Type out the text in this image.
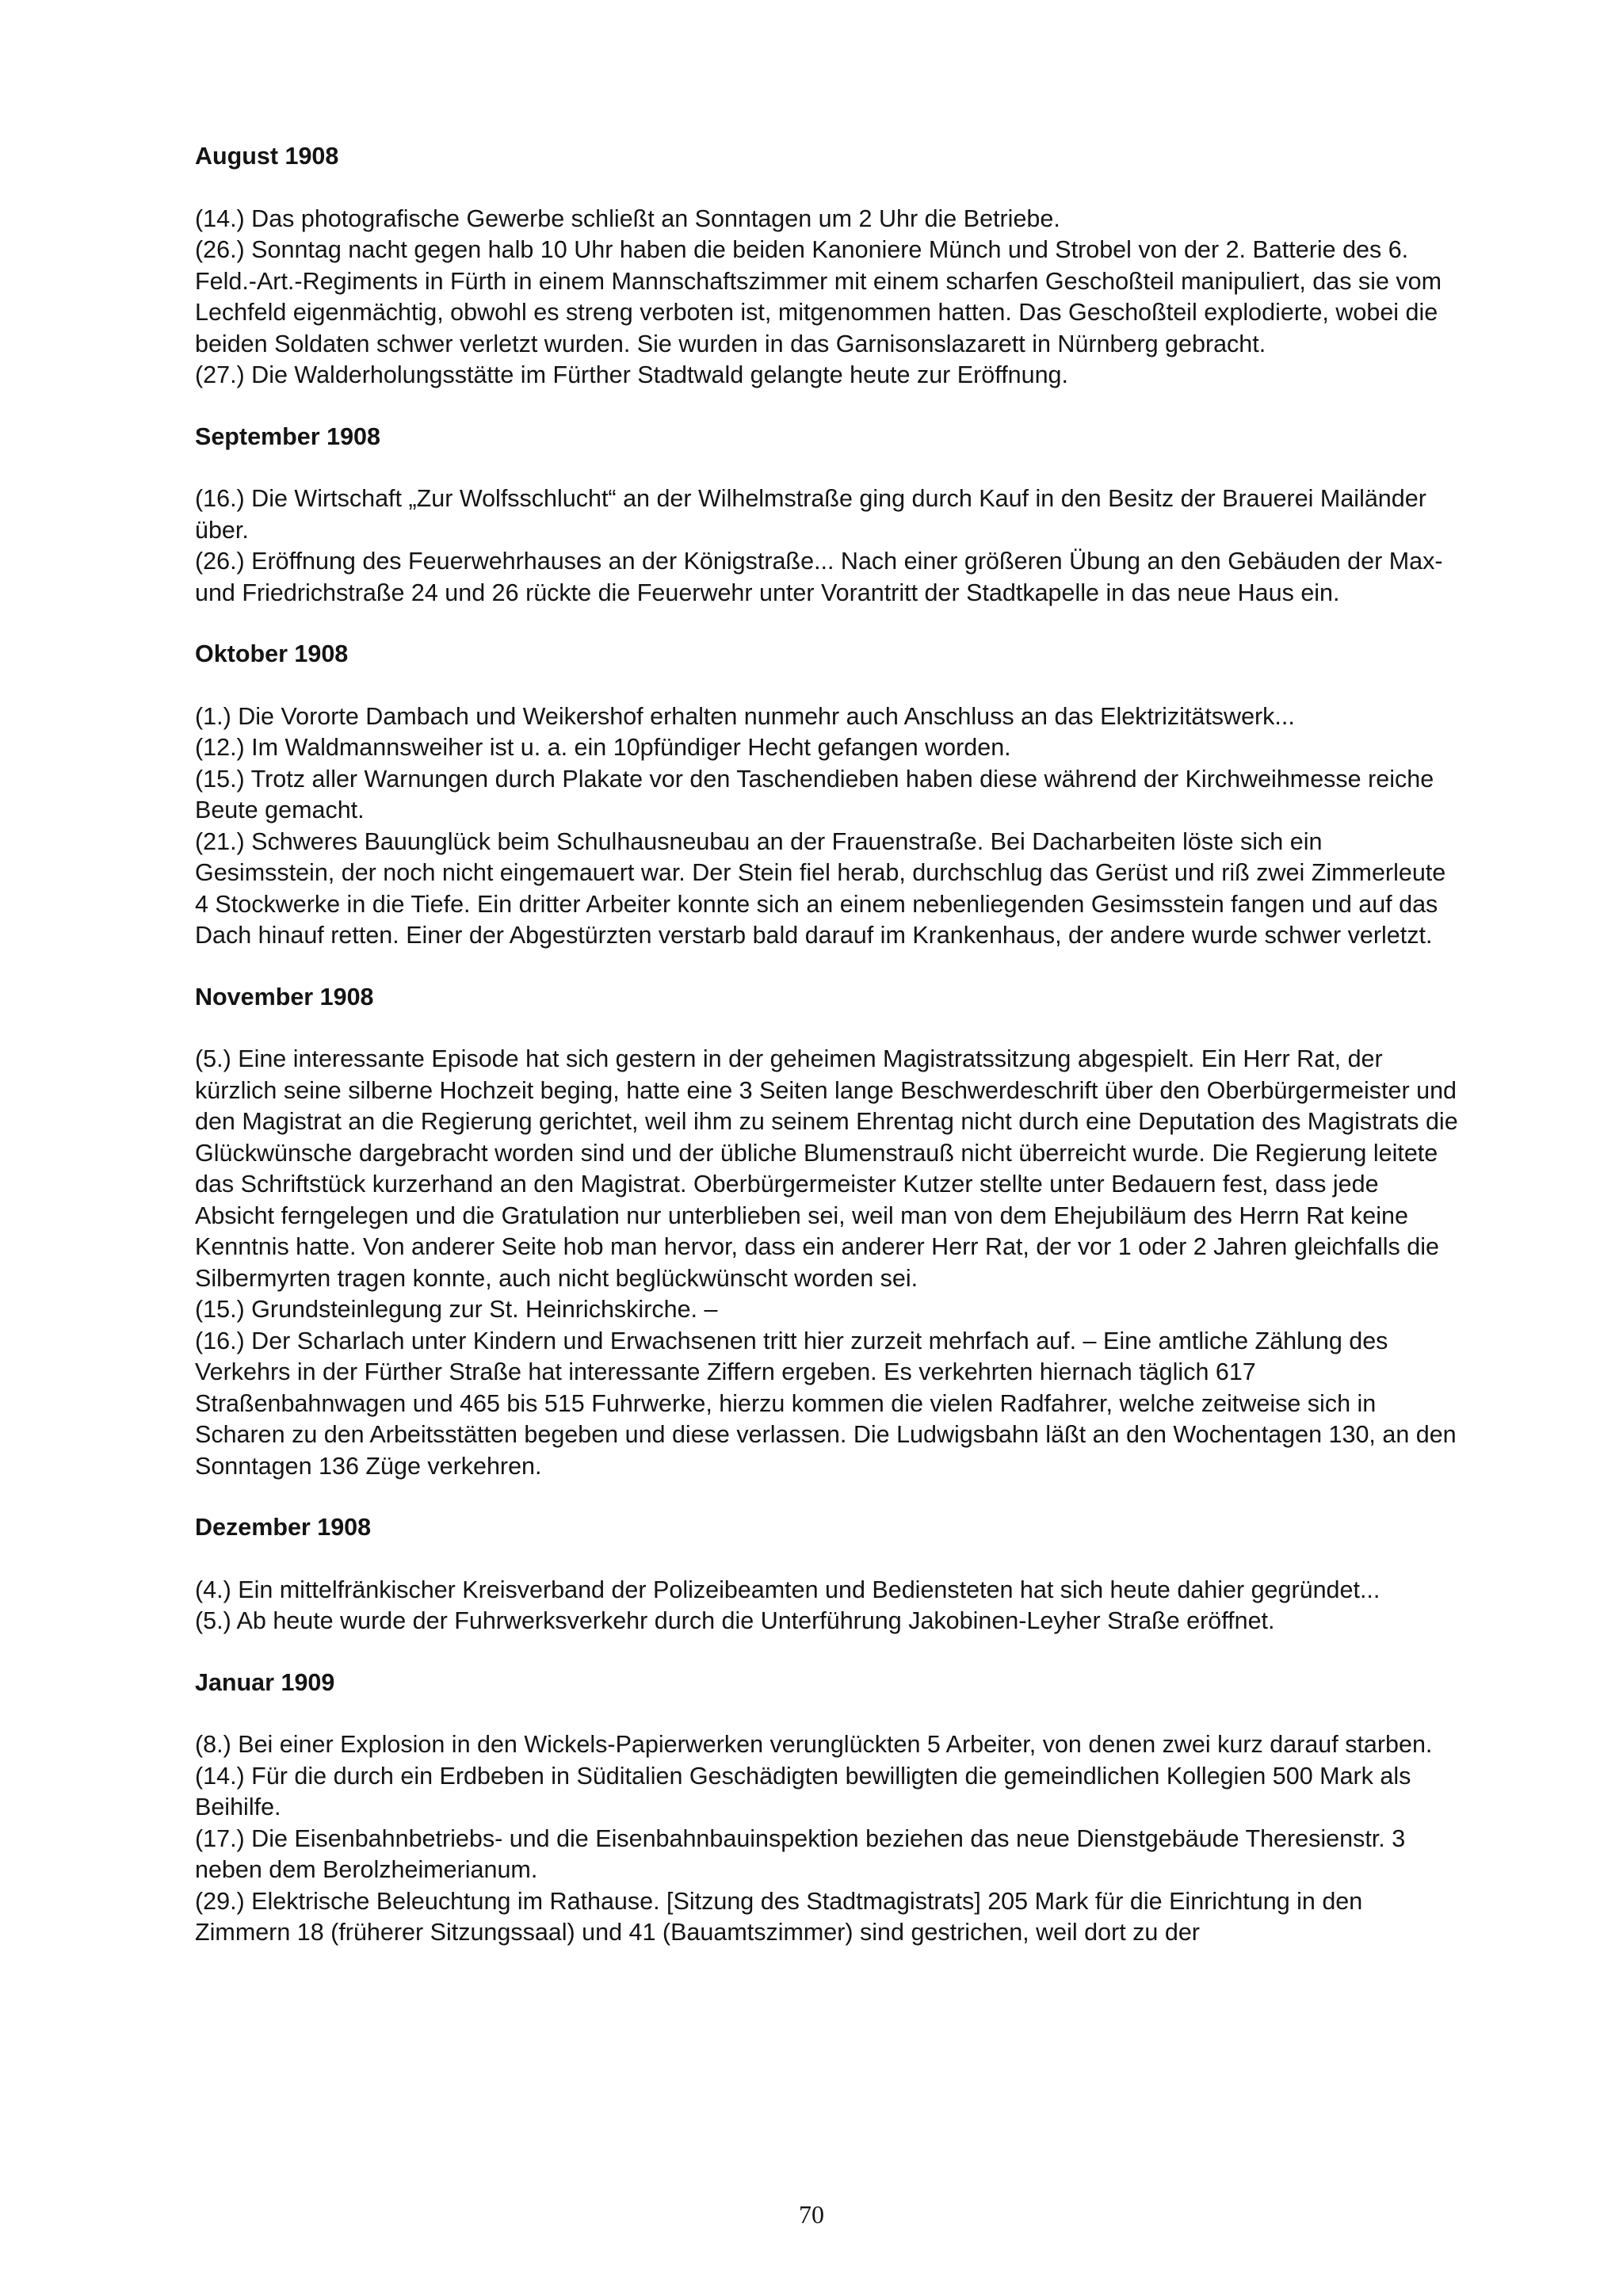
August 1908

(14.) Das photografische Gewerbe schließt an Sonntagen um 2 Uhr die Betriebe.

(26.) Sonntag nacht gegen halb 10 Uhr haben die beiden Kanoniere Münch und Strobel von der 2. Batterie des 6. Feld.-Art.-Regiments in Fürth in einem Mannschaftszimmer mit einem scharfen Geschoßteil manipuliert, das sie vom Lechfeld eigenmächtig, obwohl es streng verboten ist, mitgenommen hatten. Das Geschoßteil explodierte, wobei die beiden Soldaten schwer verletzt wurden. Sie wurden in das Garnisonslazarett in Nürnberg gebracht.

(27.) Die Walderholungsstätte im Fürther Stadtwald gelangte heute zur Eröffnung.

September 1908

(16.) Die Wirtschaft „Zur Wolfsschlucht“ an der Wilhelmstraße ging durch Kauf in den Besitz der Brauerei Mailänder über.

(26.) Eröffnung des Feuerwehrhauses an der Königstraße... Nach einer größeren Übung an den Gebäuden der Max- und Friedrichstraße 24 und 26 rückte die Feuerwehr unter Vorantritt der Stadtkapelle in das neue Haus ein.

Oktober 1908

(1.) Die Vororte Dambach und Weikershof erhalten nunmehr auch Anschluss an das Elektrizitätswerk...

(12.) Im Waldmannsweiher ist u. a. ein 10pfündiger Hecht gefangen worden.

(15.) Trotz aller Warnungen durch Plakate vor den Taschendieben haben diese während der Kirchweihmesse reiche Beute gemacht.

(21.) Schweres Bauunglück beim Schulhausneubau an der Frauenstraße. Bei Dacharbeiten löste sich ein Gesimsstein, der noch nicht eingemauert war. Der Stein fiel herab, durchschlug das Gerüst und riß zwei Zimmerleute 4 Stockwerke in die Tiefe. Ein dritter Arbeiter konnte sich an einem nebenliegenden Gesimsstein fangen und auf das Dach hinauf retten. Einer der Abgestürzten verstarb bald darauf im Krankenhaus, der andere wurde schwer verletzt.

November 1908

(5.) Eine interessante Episode hat sich gestern in der geheimen Magistratssitzung abgespielt. Ein Herr Rat, der kürzlich seine silberne Hochzeit beging, hatte eine 3 Seiten lange Beschwerdeschrift über den Oberbürgermeister und den Magistrat an die Regierung gerichtet, weil ihm zu seinem Ehrentag nicht durch eine Deputation des Magistrats die Glückwünsche dargebracht worden sind und der übliche Blumenstrauß nicht überreicht wurde. Die Regierung leitete das Schriftstück kurzerhand an den Magistrat. Oberbürgermeister Kutzer stellte unter Bedauern fest, dass jede Absicht ferngelegen und die Gratulation nur unterblieben sei, weil man von dem Ehejubiläum des Herrn Rat keine Kenntnis hatte. Von anderer Seite hob man hervor, dass ein anderer Herr Rat, der vor 1 oder 2 Jahren gleichfalls die Silbermyrten tragen konnte, auch nicht beglückwünscht worden sei.

(15.) Grundsteinlegung zur St. Heinrichskirche. –

(16.) Der Scharlach unter Kindern und Erwachsenen tritt hier zurzeit mehrfach auf. – Eine amtliche Zählung des Verkehrs in der Fürther Straße hat interessante Ziffern ergeben. Es verkehrten hiernach täglich 617 Straßenbahnwagen und 465 bis 515 Fuhrwerke, hierzu kommen die vielen Radfahrer, welche zeitweise sich in Scharen zu den Arbeitsstätten begeben und diese verlassen. Die Ludwigsbahn läßt an den Wochentagen 130, an den Sonntagen 136 Züge verkehren.

Dezember 1908

(4.) Ein mittelfränkischer Kreisverband der Polizeibeamten und Bediensteten hat sich heute dahier gegründet...

(5.) Ab heute wurde der Fuhrwerksverkehr durch die Unterführung Jakobinen-Leyher Straße eröffnet.

Januar 1909

(8.) Bei einer Explosion in den Wickels-Papierwerken verunglückten 5 Arbeiter, von denen zwei kurz darauf starben.

(14.) Für die durch ein Erdbeben in Süditalien Geschädigten bewilligten die gemeindlichen Kollegien 500 Mark als Beihilfe.

(17.) Die Eisenbahnbetriebs- und die Eisenbahnbauinspektion beziehen das neue Dienstgebäude Theresienstr. 3 neben dem Berolzheimerianum.

(29.) Elektrische Beleuchtung im Rathause. [Sitzung des Stadtmagistrats] 205 Mark für die Einrichtung in den Zimmern 18 (früherer Sitzungssaal) und 41 (Bauamtszimmer) sind gestrichen, weil dort zu der

70
